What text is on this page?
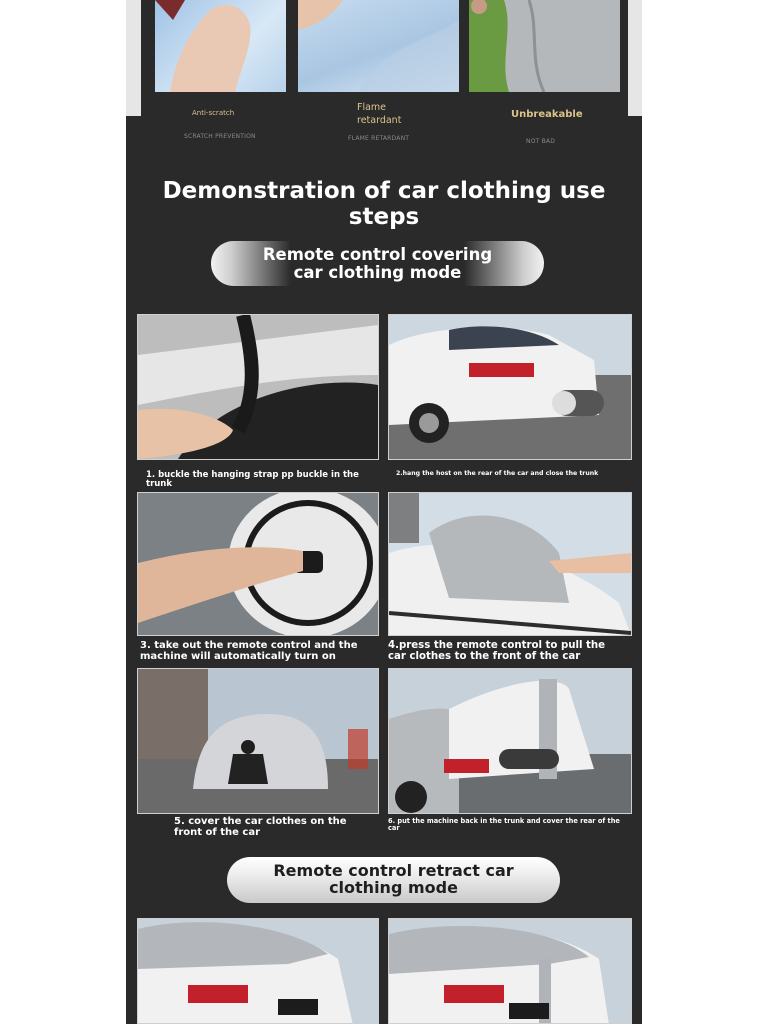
Anti-scratch
SCRATCH PREVENTION
Flame
retardant
FLAME RETARDANT
Unbreakable
NOT BAD
Demonstration of car clothing use steps
Remote control covering car clothing mode
1. buckle the hanging strap pp buckle in the trunk
2.hang the host on the rear of the car and close the trunk
3. take out the remote control and the machine will automatically turn on
4.press the remote control to pull the car clothes to the front of the car
5. cover the car clothes on the front of the car
6. put the machine back in the trunk and cover the rear of the car
Remote control retract car clothing mode
